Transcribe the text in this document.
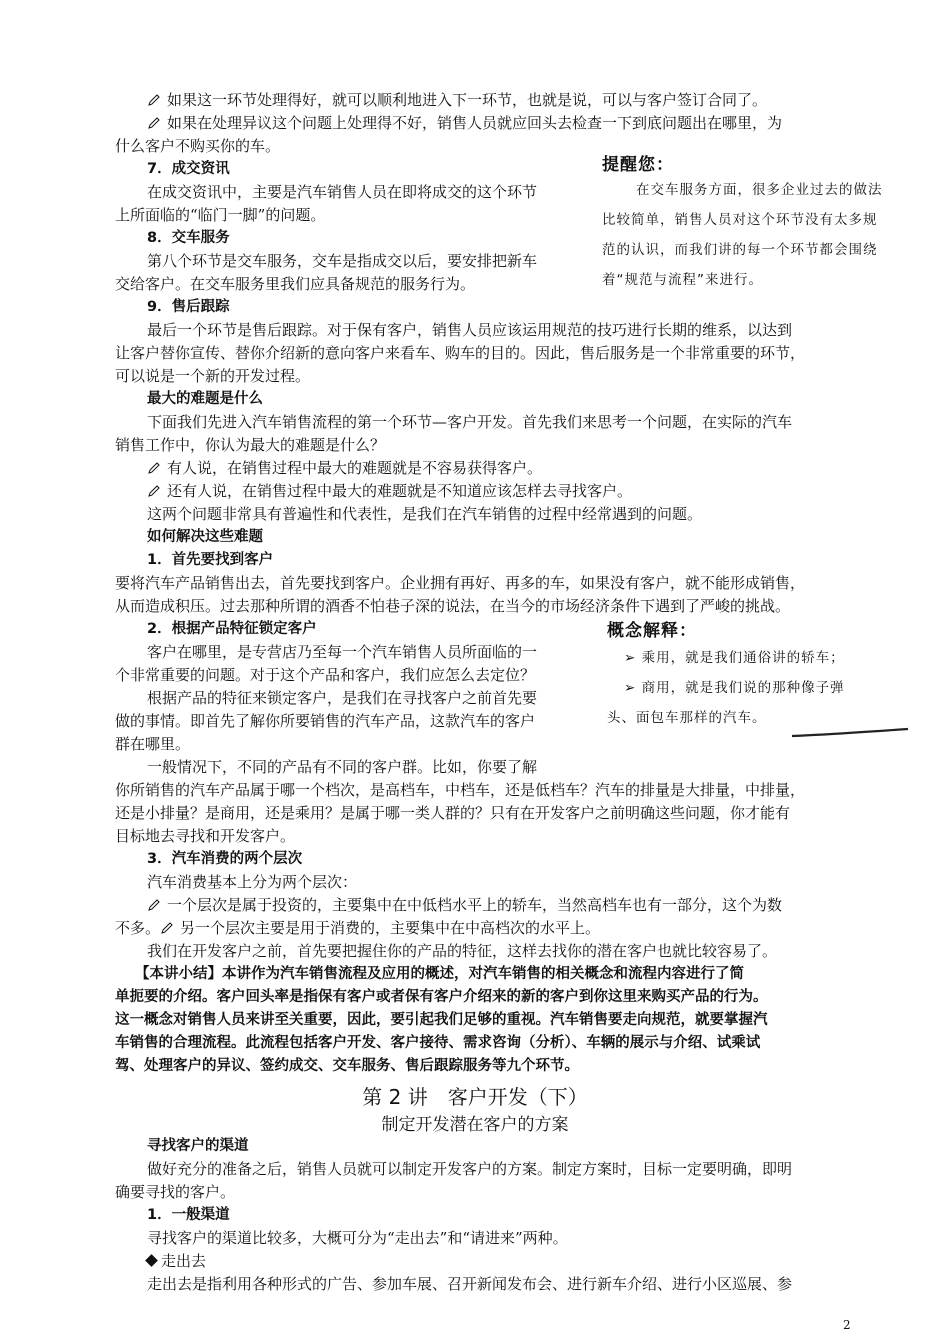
如果这一环节处理得好，就可以顺利地进入下一环节，也就是说，可以与客户签订合同了。
如果在处理异议这个问题上处理得不好，销售人员就应回头去检查一下到底问题出在哪里，为
什么客户不购买你的车。
7．成交资讯
在成交资讯中，主要是汽车销售人员在即将成交的这个环节
上所面临的“临门一脚”的问题。
8．交车服务
第八个环节是交车服务，交车是指成交以后，要安排把新车
交给客户。在交车服务里我们应具备规范的服务行为。
9．售后跟踪
最后一个环节是售后跟踪。对于保有客户，销售人员应该运用规范的技巧进行长期的维系，以达到
让客户替你宣传、替你介绍新的意向客户来看车、购车的目的。因此，售后服务是一个非常重要的环节，
可以说是一个新的开发过程。
最大的难题是什么
下面我们先进入汽车销售流程的第一个环节—客户开发。首先我们来思考一个问题，在实际的汽车
销售工作中，你认为最大的难题是什么？
有人说，在销售过程中最大的难题就是不容易获得客户。
还有人说，在销售过程中最大的难题就是不知道应该怎样去寻找客户。
这两个问题非常具有普遍性和代表性，是我们在汽车销售的过程中经常遇到的问题。
如何解决这些难题
1．首先要找到客户
要将汽车产品销售出去，首先要找到客户。企业拥有再好、再多的车，如果没有客户，就不能形成销售，
从而造成积压。过去那种所谓的酒香不怕巷子深的说法，在当今的市场经济条件下遇到了严峻的挑战。
2．根据产品特征锁定客户
客户在哪里，是专营店乃至每一个汽车销售人员所面临的一
个非常重要的问题。对于这个产品和客户，我们应怎么去定位？
根据产品的特征来锁定客户，是我们在寻找客户之前首先要
做的事情。即首先了解你所要销售的汽车产品，这款汽车的客户
群在哪里。
一般情况下，不同的产品有不同的客户群。比如，你要了解
你所销售的汽车产品属于哪一个档次，是高档车，中档车，还是低档车？汽车的排量是大排量，中排量，
还是小排量？是商用，还是乘用？是属于哪一类人群的？只有在开发客户之前明确这些问题，你才能有
目标地去寻找和开发客户。
3．汽车消费的两个层次
汽车消费基本上分为两个层次：
一个层次是属于投资的，主要集中在中低档水平上的轿车，当然高档车也有一部分，这个为数
不多。 另一个层次主要是用于消费的，主要集中在中高档次的水平上。
我们在开发客户之前，首先要把握住你的产品的特征，这样去找你的潜在客户也就比较容易了。
【本讲小结】本讲作为汽车销售流程及应用的概述，对汽车销售的相关概念和流程内容进行了简
单扼要的介绍。客户回头率是指保有客户或者保有客户介绍来的新的客户到你这里来购买产品的行为。
这一概念对销售人员来讲至关重要，因此，要引起我们足够的重视。汽车销售要走向规范，就要掌握汽
车销售的合理流程。此流程包括客户开发、客户接待、需求咨询（分析）、车辆的展示与介绍、试乘试
驾、处理客户的异议、签约成交、交车服务、售后跟踪服务等九个环节。
第 2 讲　客户开发（下）
制定开发潜在客户的方案
寻找客户的渠道
做好充分的准备之后，销售人员就可以制定开发客户的方案。制定方案时，目标一定要明确，即明
确要寻找的客户。
1．一般渠道
寻找客户的渠道比较多，大概可分为“走出去”和“请进来”两种。
走出去
走出去是指利用各种形式的广告、参加车展、召开新闻发布会、进行新车介绍、进行小区巡展、参
提醒您：
在交车服务方面，很多企业过去的做法
比较简单，销售人员对这个环节没有太多规
范的认识，而我们讲的每一个环节都会围绕
着“规范与流程”来进行。
概念解释：
➢ 乘用，就是我们通俗讲的轿车；
➢ 商用，就是我们说的那种像子弹
头、面包车那样的汽车。
2
